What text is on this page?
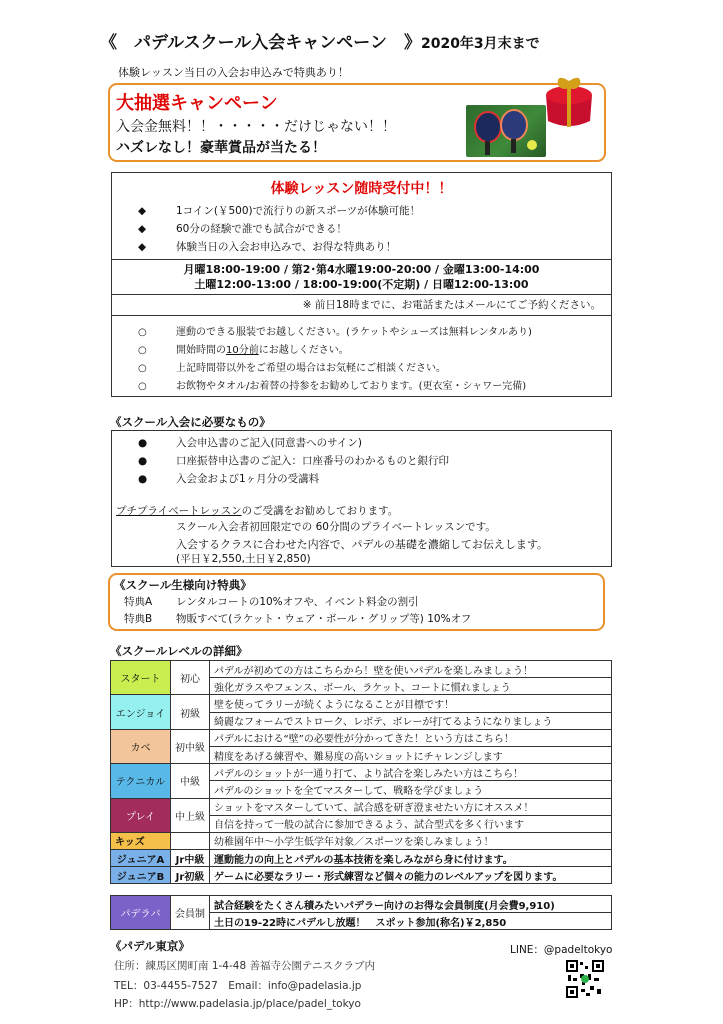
《　パデルスクール入会キャンペーン　》2020年3月末まで
体験レッスン当日の入会お申込みで特典あり！
大抽選キャンペーン
入会金無料！！・・・・・だけじゃない！！
ハズレなし！豪華賞品が当たる！
体験レッスン随時受付中！！
◆	1コイン(￥500)で流行りの新スポーツが体験可能！
◆	60分の経験で誰でも試合ができる！
◆	体験当日の入会お申込みで、お得な特典あり！
月曜18:00-19:00 / 第2･第4水曜19:00-20:00 / 金曜13:00-14:00
土曜12:00-13:00 / 18:00-19:00(不定期) / 日曜12:00-13:00
※ 前日18時までに、お電話またはメールにてご予約ください。
○	運動のできる服装でお越しください。(ラケットやシューズは無料レンタルあり)
○	開始時間の10分前にお越しください。
○	上記時間帯以外をご希望の場合はお気軽にご相談ください。
○	お飲物やタオル/お着替の持参をお勧めしております。(更衣室・シャワー完備)
《スクール入会に必要なもの》
●	入会申込書のご記入(同意書へのサイン)
●	口座振替申込書のご記入：口座番号のわかるものと銀行印
●	入会金および1ヶ月分の受講料
プチプライベートレッスンのご受講をお勧めしております。
スクール入会者初回限定での 60分間のプライベートレッスンです。
入会するクラスに合わせた内容で、パデルの基礎を濃縮してお伝えします。
(平日￥2,550,土日￥2,850)
《スクール生様向け特典》
特典A レンタルコートの10%オフや、イベント料金の割引
特典B 物販すべて(ラケット・ウェア・ボール・グリップ等) 10%オフ
《スクールレベルの詳細》
スタート	初心	パデルが初めての方はこちらから！壁を使いパデルを楽しみましょう！
		強化ガラスやフェンス、ボール、ラケット、コートに慣れましょう
エンジョイ	初級	壁を使ってラリーが続くようになることが目標です！
		綺麗なフォームでストローク、レボテ、ボレーが打てるようになりましょう
カベ	初中級	パデルにおける“壁”の必要性が分かってきた！という方はこちら！
		精度をあげる練習や、難易度の高いショットにチャレンジします
テクニカル	中級	パデルのショットが一通り打て、より試合を楽しみたい方はこちら！
		パデルのショットを全てマスターして、戦略を学びましょう
プレイ	中上級	ショットをマスターしていて、試合感を研ぎ澄ませたい方にオススメ！
		自信を持って一般の試合に参加できるよう、試合型式を多く行います
キッズ		幼稚園年中～小学生低学年対象／スポーツを楽しみましょう！
ジュニアA	Jr中級	運動能力の向上とパデルの基本技術を楽しみながら身に付けます。
ジュニアB	Jr初級	ゲームに必要なラリー・形式練習など個々の能力のレベルアップを図ります。
パデラバ	会員制	試合経験をたくさん積みたいパデラー向けのお得な会員制度(月会費9,910)
土日の19-22時にパデルし放題！　スポット参加(称名)￥2,850
《パデル東京》	LINE：@padeltokyo
住所：練馬区関町南 1-4-48 善福寺公園テニスクラブ内
TEL：03-4455-7527　Email：info@padelasia.jp
HP：http://www.padelasia.jp/place/padel_tokyo
